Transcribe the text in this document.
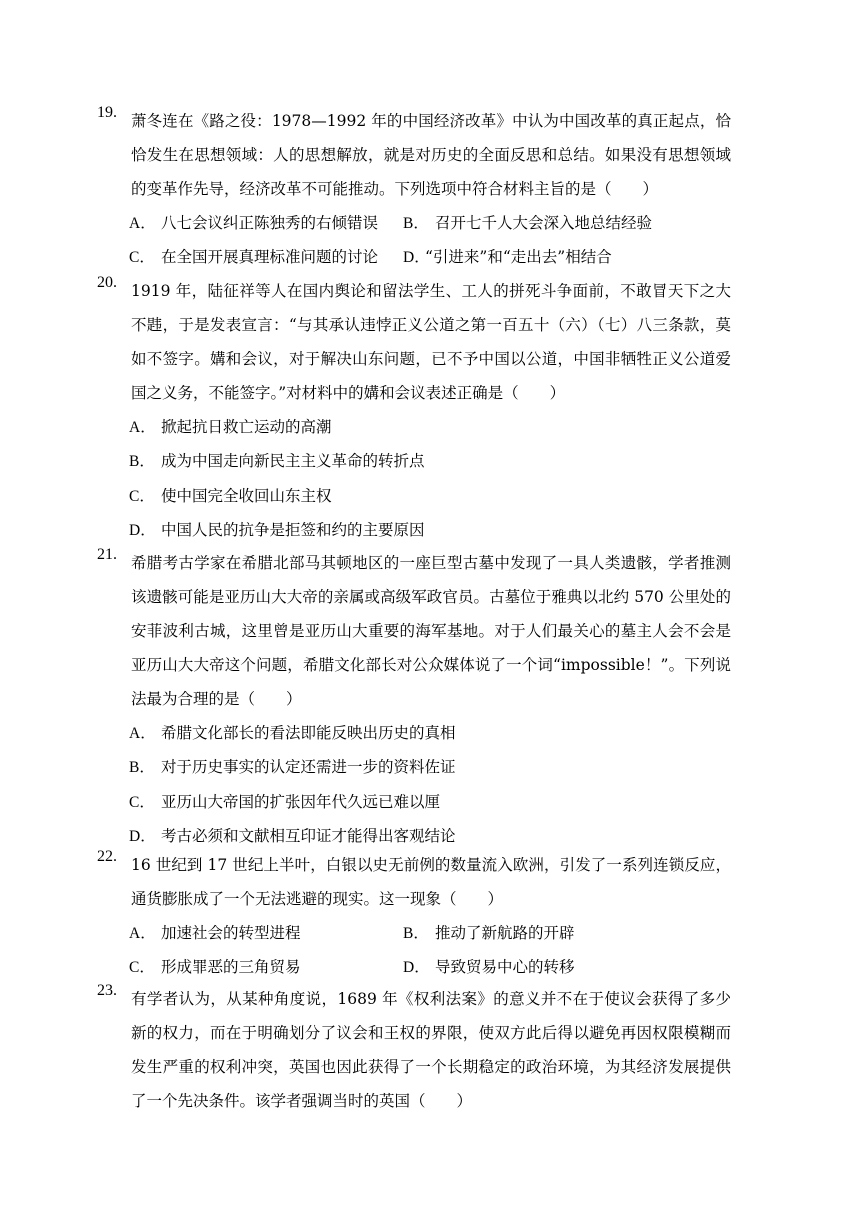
19. 萧冬连在《路之役：1978—1992 年的中国经济改革》中认为中国改革的真正起点，恰
恰发生在思想领域：人的思想解放，就是对历史的全面反思和总结。如果没有思想领域
的变革作先导，经济改革不可能推动。下列选项中符合材料主旨的是（　　）
A． 八七会议纠正陈独秀的右倾错误 B． 召开七千人大会深入地总结经验
C． 在全国开展真理标准问题的讨论 D．“引进来”和“走出去”相结合
20. 1919 年，陆征祥等人在国内舆论和留法学生、工人的拼死斗争面前，不敢冒天下之大
不韪，于是发表宣言：“与其承认违悖正义公道之第一百五十（六）（七）八三条款，莫
如不签字。媾和会议，对于解决山东问题，已不予中国以公道，中国非牺牲正义公道爱
国之义务，不能签字。”对材料中的媾和会议表述正确是（　　）
A． 掀起抗日救亡运动的高潮
B． 成为中国走向新民主主义革命的转折点
C． 使中国完全收回山东主权
D． 中国人民的抗争是拒签和约的主要原因
21. 希腊考古学家在希腊北部马其顿地区的一座巨型古墓中发现了一具人类遗骸，学者推测
该遗骸可能是亚历山大大帝的亲属或高级军政官员。古墓位于雅典以北约 570 公里处的
安菲波利古城，这里曾是亚历山大重要的海军基地。对于人们最关心的墓主人会不会是
亚历山大大帝这个问题，希腊文化部长对公众媒体说了一个词“impossible！”。下列说
法最为合理的是（　　）
A． 希腊文化部长的看法即能反映出历史的真相
B． 对于历史事实的认定还需进一步的资料佐证
C． 亚历山大帝国的扩张因年代久远已难以厘
D． 考古必须和文献相互印证才能得出客观结论
22. 16 世纪到 17 世纪上半叶，白银以史无前例的数量流入欧洲，引发了一系列连锁反应，
通货膨胀成了一个无法逃避的现实。这一现象（　　）
A． 加速社会的转型进程	B． 推动了新航路的开辟
C． 形成罪恶的三角贸易	D． 导致贸易中心的转移
23. 有学者认为，从某种角度说，1689 年《权利法案》的意义并不在于使议会获得了多少
新的权力，而在于明确划分了议会和王权的界限，使双方此后得以避免再因权限模糊而
发生严重的权利冲突，英国也因此获得了一个长期稳定的政治环境，为其经济发展提供
了一个先决条件。该学者强调当时的英国（　　）
